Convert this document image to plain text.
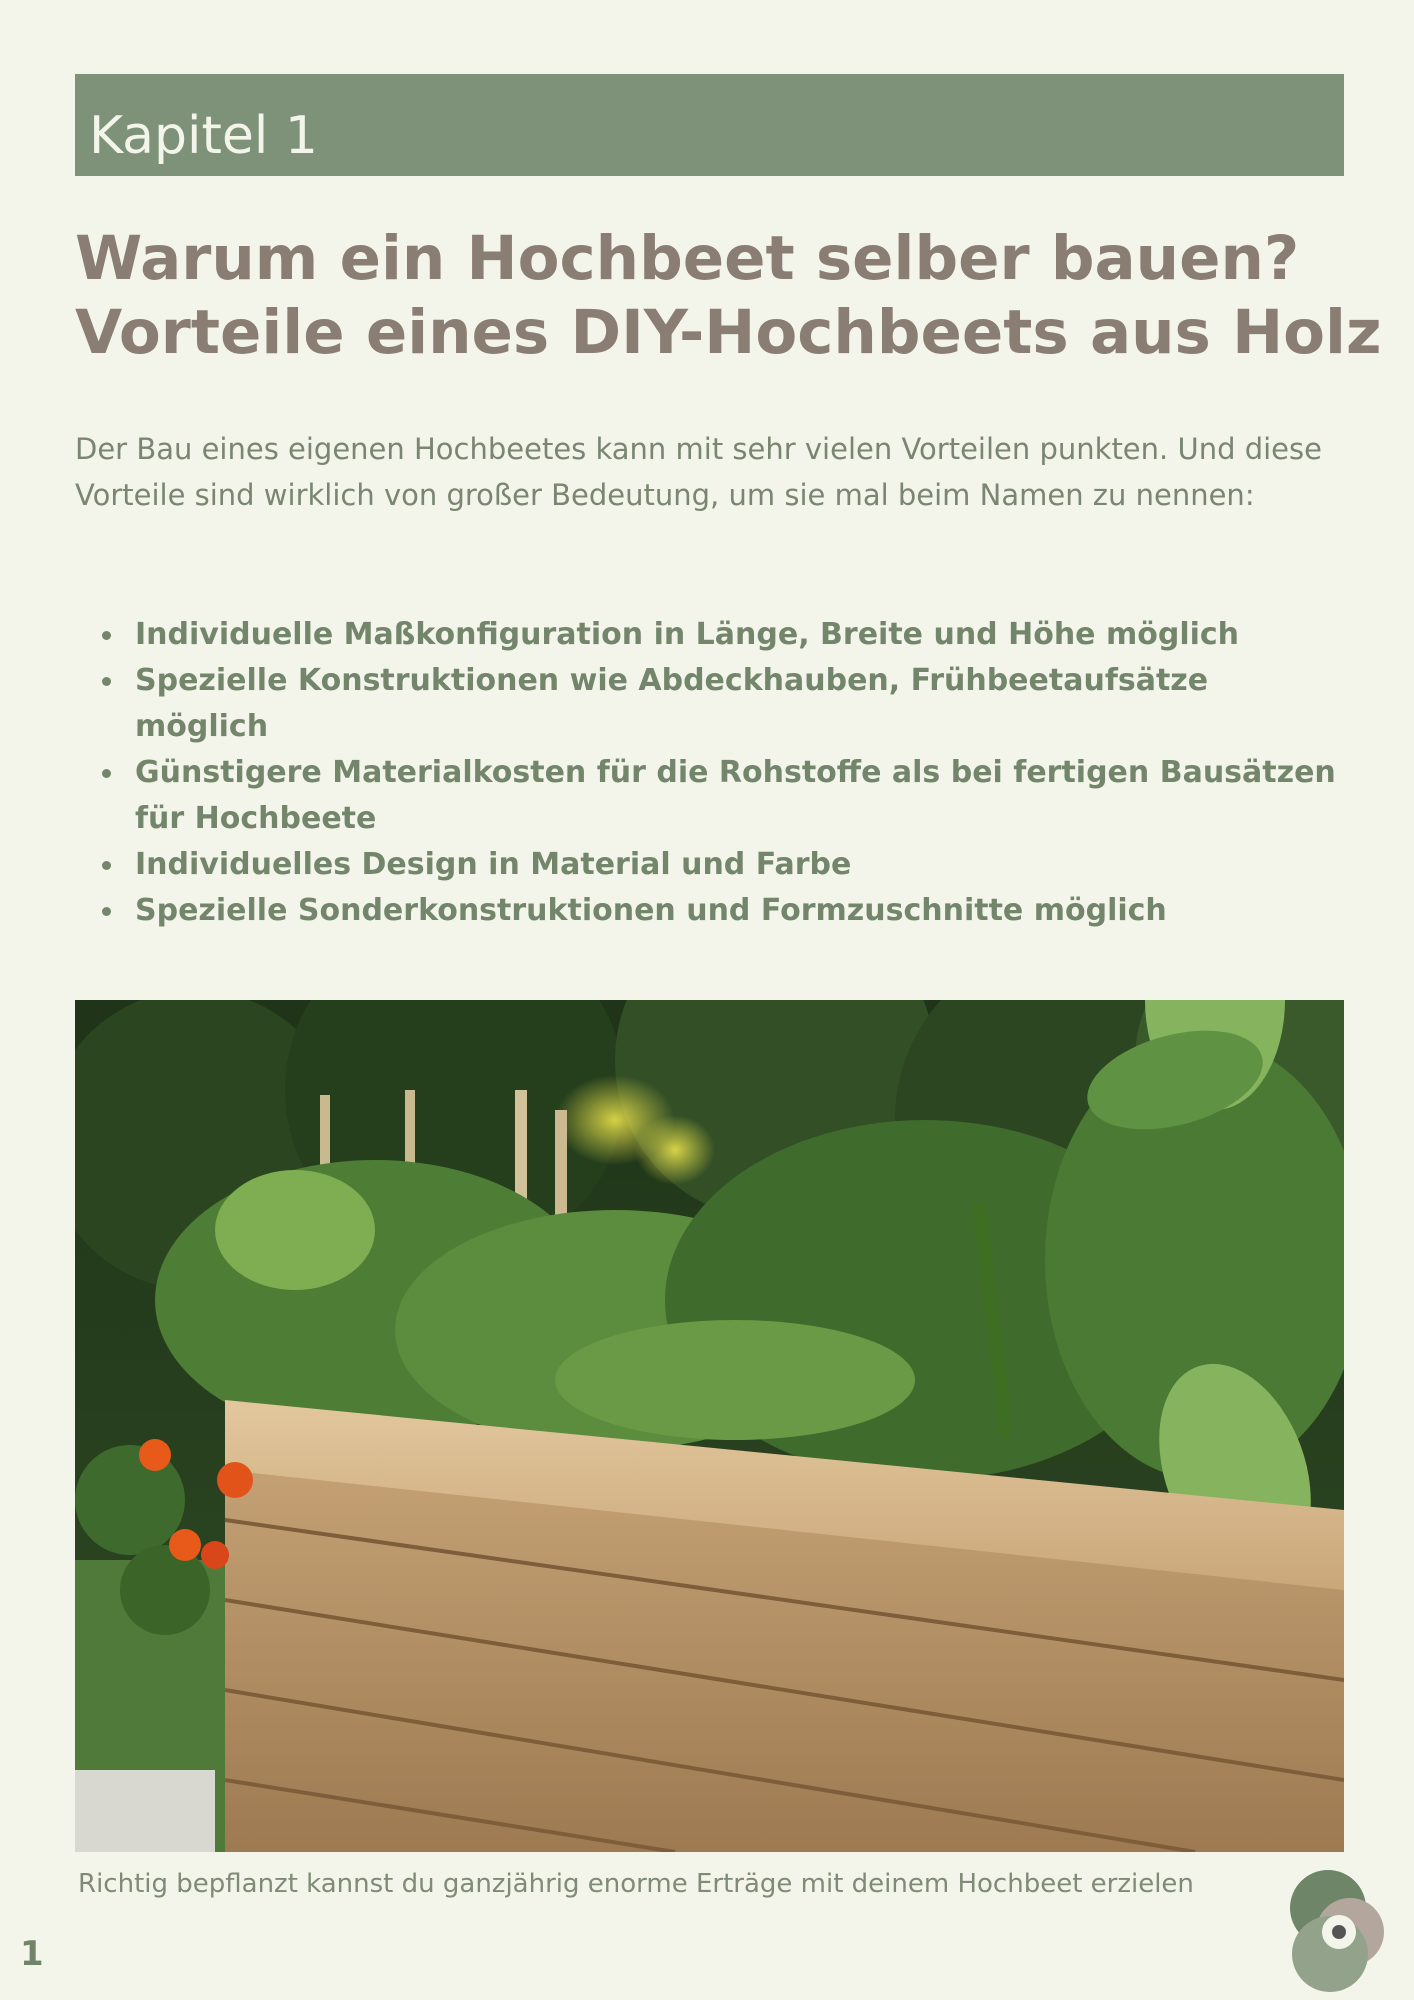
Kapitel 1
Warum ein Hochbeet selber bauen?
Vorteile eines DIY-Hochbeets aus Holz

Der Bau eines eigenen Hochbeetes kann mit sehr vielen Vorteilen punkten. Und diese Vorteile sind wirklich von großer Bedeutung, um sie mal beim Namen zu nennen:

Individuelle Maßkonfiguration in Länge, Breite und Höhe möglich
Spezielle Konstruktionen wie Abdeckhauben, Frühbeetaufsätze möglich
Günstigere Materialkosten für die Rohstoffe als bei fertigen Bausätzen für Hochbeete
Individuelles Design in Material und Farbe
Spezielle Sonderkonstruktionen und Formzuschnitte möglich
Richtig bepflanzt kannst du ganzjährig enorme Erträge mit deinem Hochbeet erzielen
1
